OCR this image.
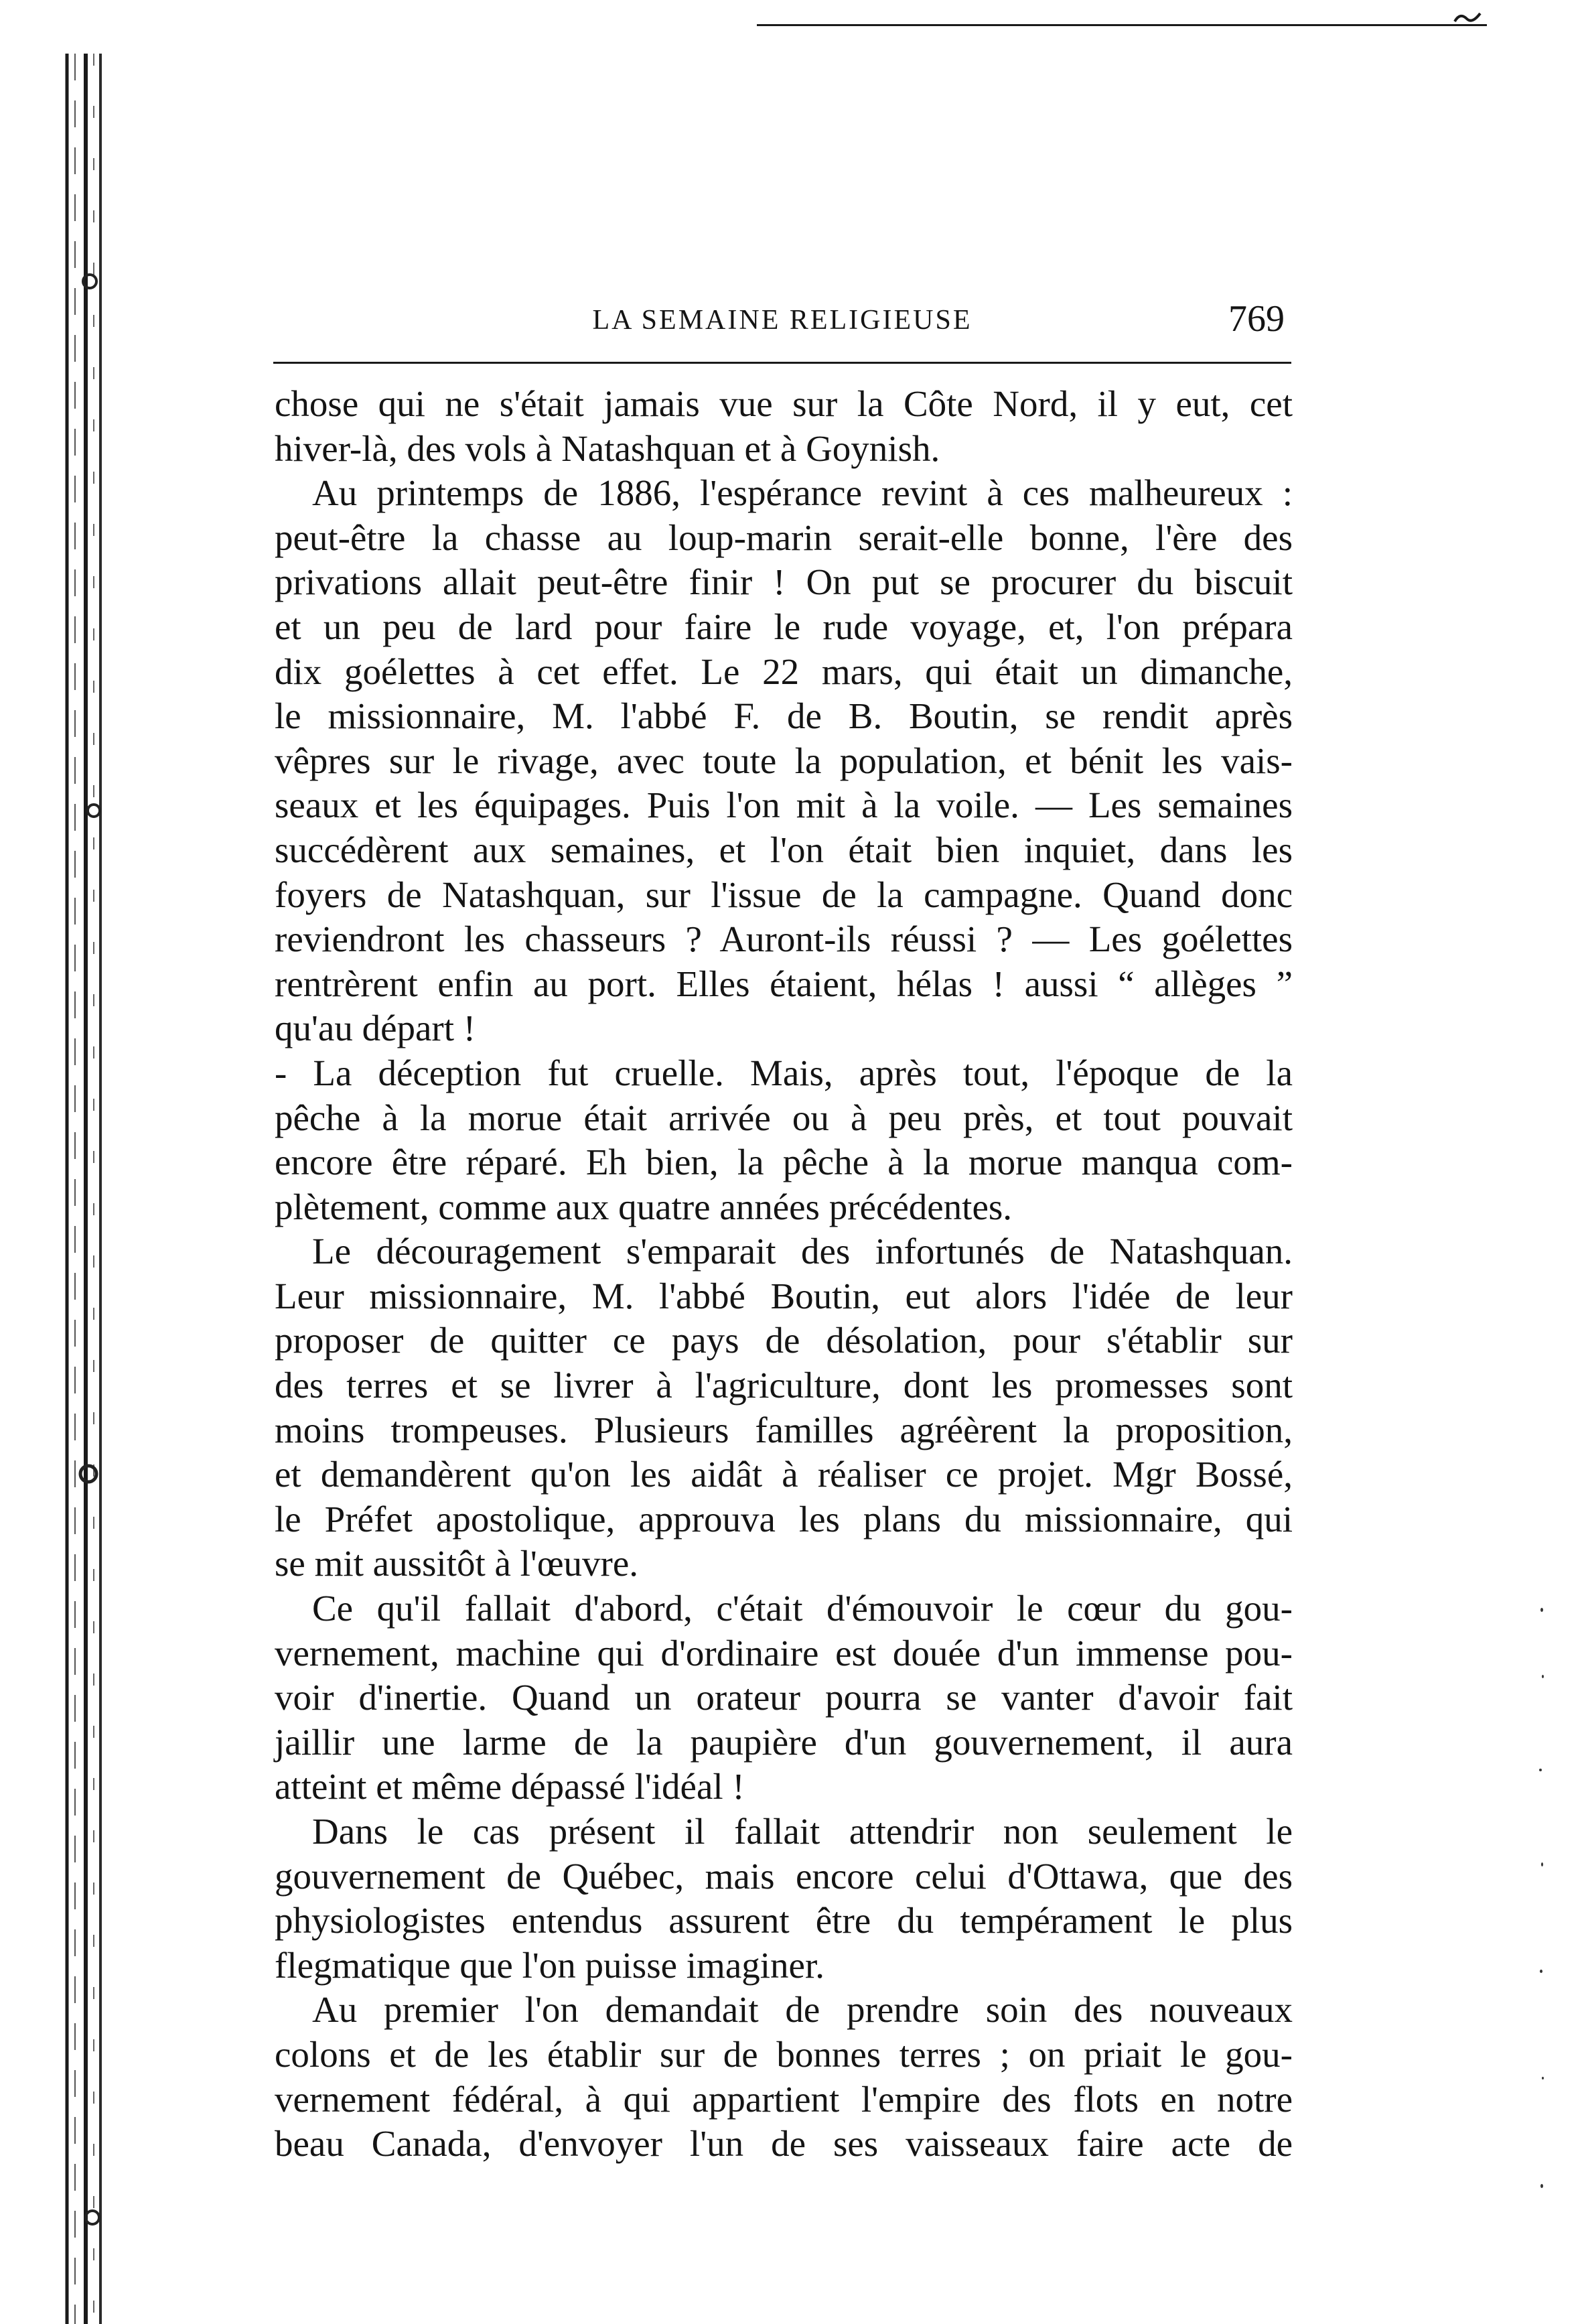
LA SEMAINE RELIGIEUSE	769
chose qui ne s'était jamais vue sur la Côte Nord, il y eut, cet
hiver-là, des vols à Natashquan et à Goynish.
Au printemps de 1886, l'espérance revint à ces malheureux :
peut-être la chasse au loup-marin serait-elle bonne, l'ère des
privations allait peut-être finir ! On put se procurer du biscuit
et un peu de lard pour faire le rude voyage, et, l'on prépara
dix goélettes à cet effet. Le 22 mars, qui était un dimanche,
le missionnaire, M. l'abbé F. de B. Boutin, se rendit après
vêpres sur le rivage, avec toute la population, et bénit les vais-
seaux et les équipages. Puis l'on mit à la voile. — Les semaines
succédèrent aux semaines, et l'on était bien inquiet, dans les
foyers de Natashquan, sur l'issue de la campagne. Quand donc
reviendront les chasseurs ? Auront-ils réussi ? — Les goélettes
rentrèrent enfin au port. Elles étaient, hélas ! aussi “ allèges ”
qu'au départ !
- La déception fut cruelle. Mais, après tout, l'époque de la
pêche à la morue était arrivée ou à peu près, et tout pouvait
encore être réparé. Eh bien, la pêche à la morue manqua com-
plètement, comme aux quatre années précédentes.
Le découragement s'emparait des infortunés de Natashquan.
Leur missionnaire, M. l'abbé Boutin, eut alors l'idée de leur
proposer de quitter ce pays de désolation, pour s'établir sur
des terres et se livrer à l'agriculture, dont les promesses sont
moins trompeuses. Plusieurs familles agréèrent la proposition,
et demandèrent qu'on les aidât à réaliser ce projet. Mgr Bossé,
le Préfet apostolique, approuva les plans du missionnaire, qui
se mit aussitôt à l'œuvre.
Ce qu'il fallait d'abord, c'était d'émouvoir le cœur du gou-
vernement, machine qui d'ordinaire est douée d'un immense pou-
voir d'inertie. Quand un orateur pourra se vanter d'avoir fait
jaillir une larme de la paupière d'un gouvernement, il aura
atteint et même dépassé l'idéal !
Dans le cas présent il fallait attendrir non seulement le
gouvernement de Québec, mais encore celui d'Ottawa, que des
physiologistes entendus assurent être du tempérament le plus
flegmatique que l'on puisse imaginer.
Au premier l'on demandait de prendre soin des nouveaux
colons et de les établir sur de bonnes terres ; on priait le gou-
vernement fédéral, à qui appartient l'empire des flots en notre
beau Canada, d'envoyer l'un de ses vaisseaux faire acte de
